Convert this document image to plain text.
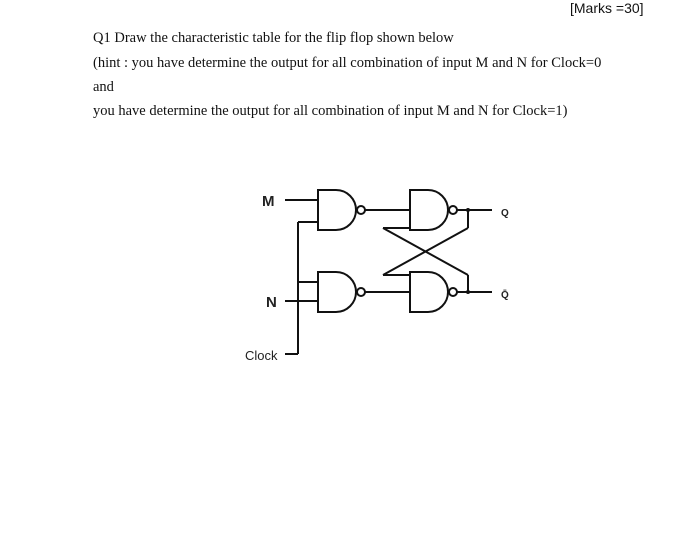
[Marks =30]
Q1 Draw the characteristic table for the flip flop shown below
(hint : you have determine the output for all combination of input M and N for Clock=0
and
you have determine the output for all combination of input M and N for Clock=1)
M
N
Clock
Q
Q̄
